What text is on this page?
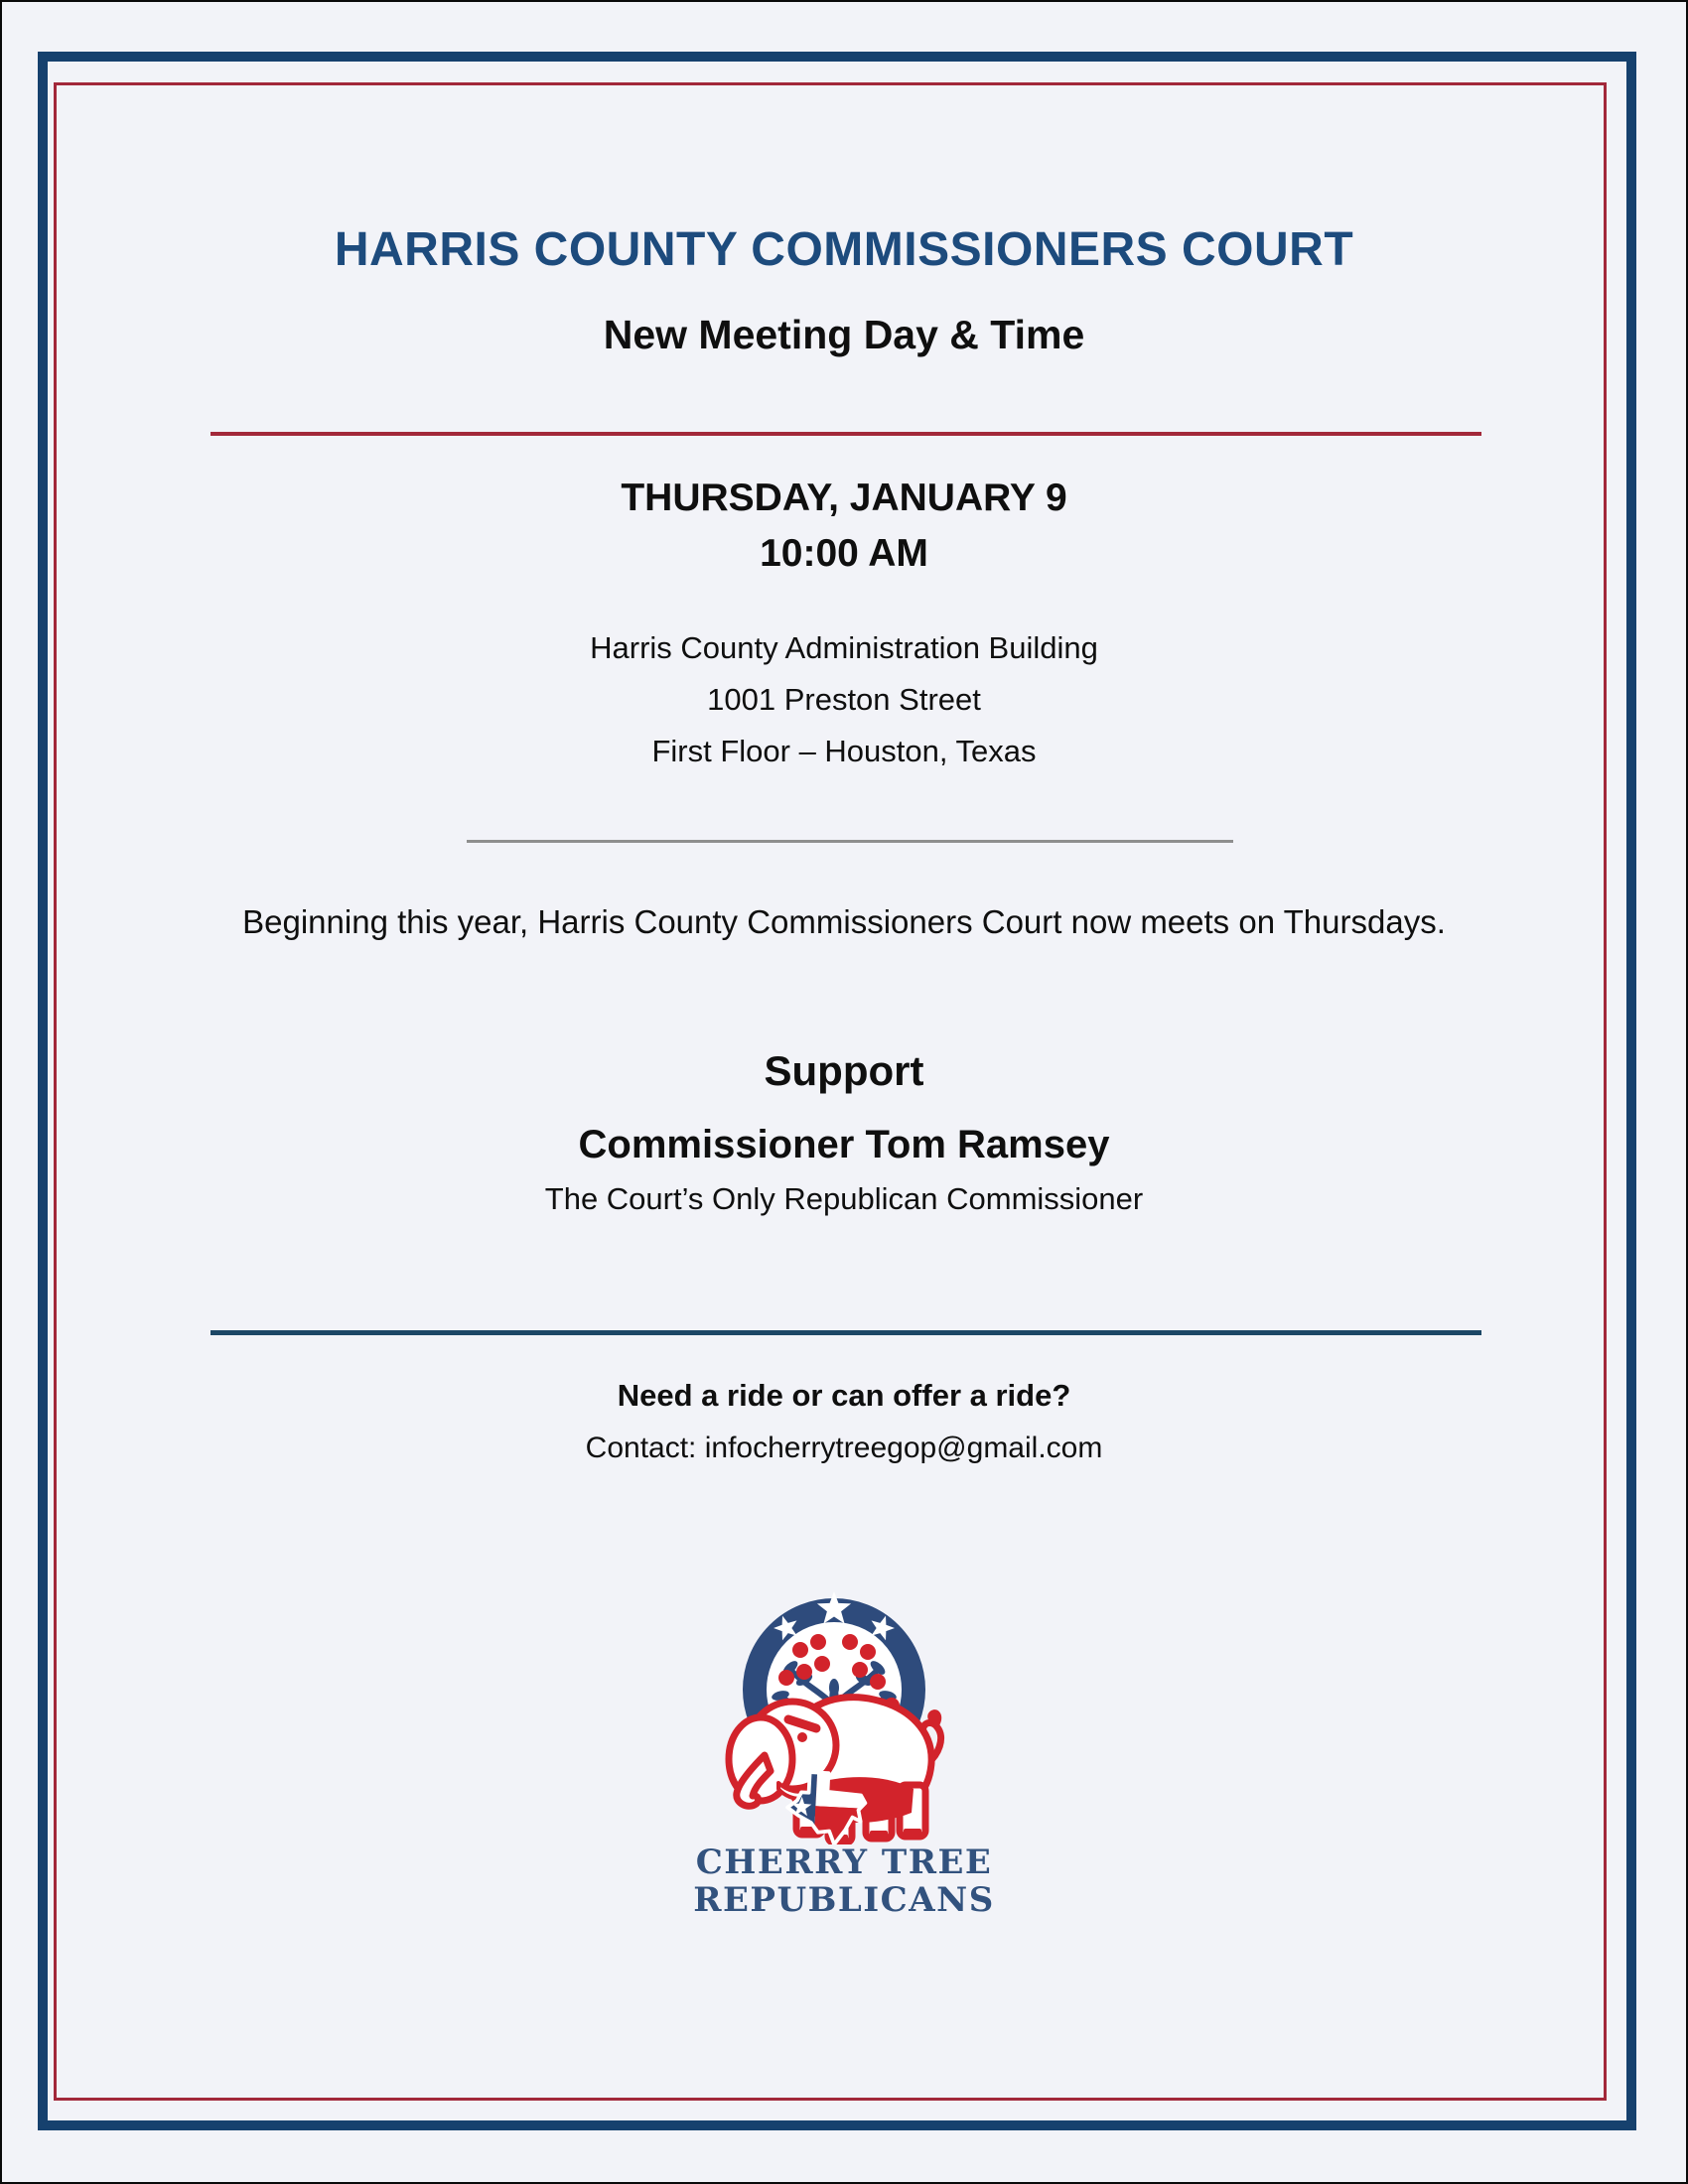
HARRIS COUNTY COMMISSIONERS COURT
New Meeting Day & Time
THURSDAY, JANUARY 9
10:00 AM
Harris County Administration Building
1001 Preston Street
First Floor – Houston, Texas
Beginning this year, Harris County Commissioners Court now meets on Thursdays.
Support
Commissioner Tom Ramsey
The Court’s Only Republican Commissioner
Need a ride or can offer a ride?
Contact: infocherrytreegop@gmail.com
CHERRY TREE
REPUBLICANS
